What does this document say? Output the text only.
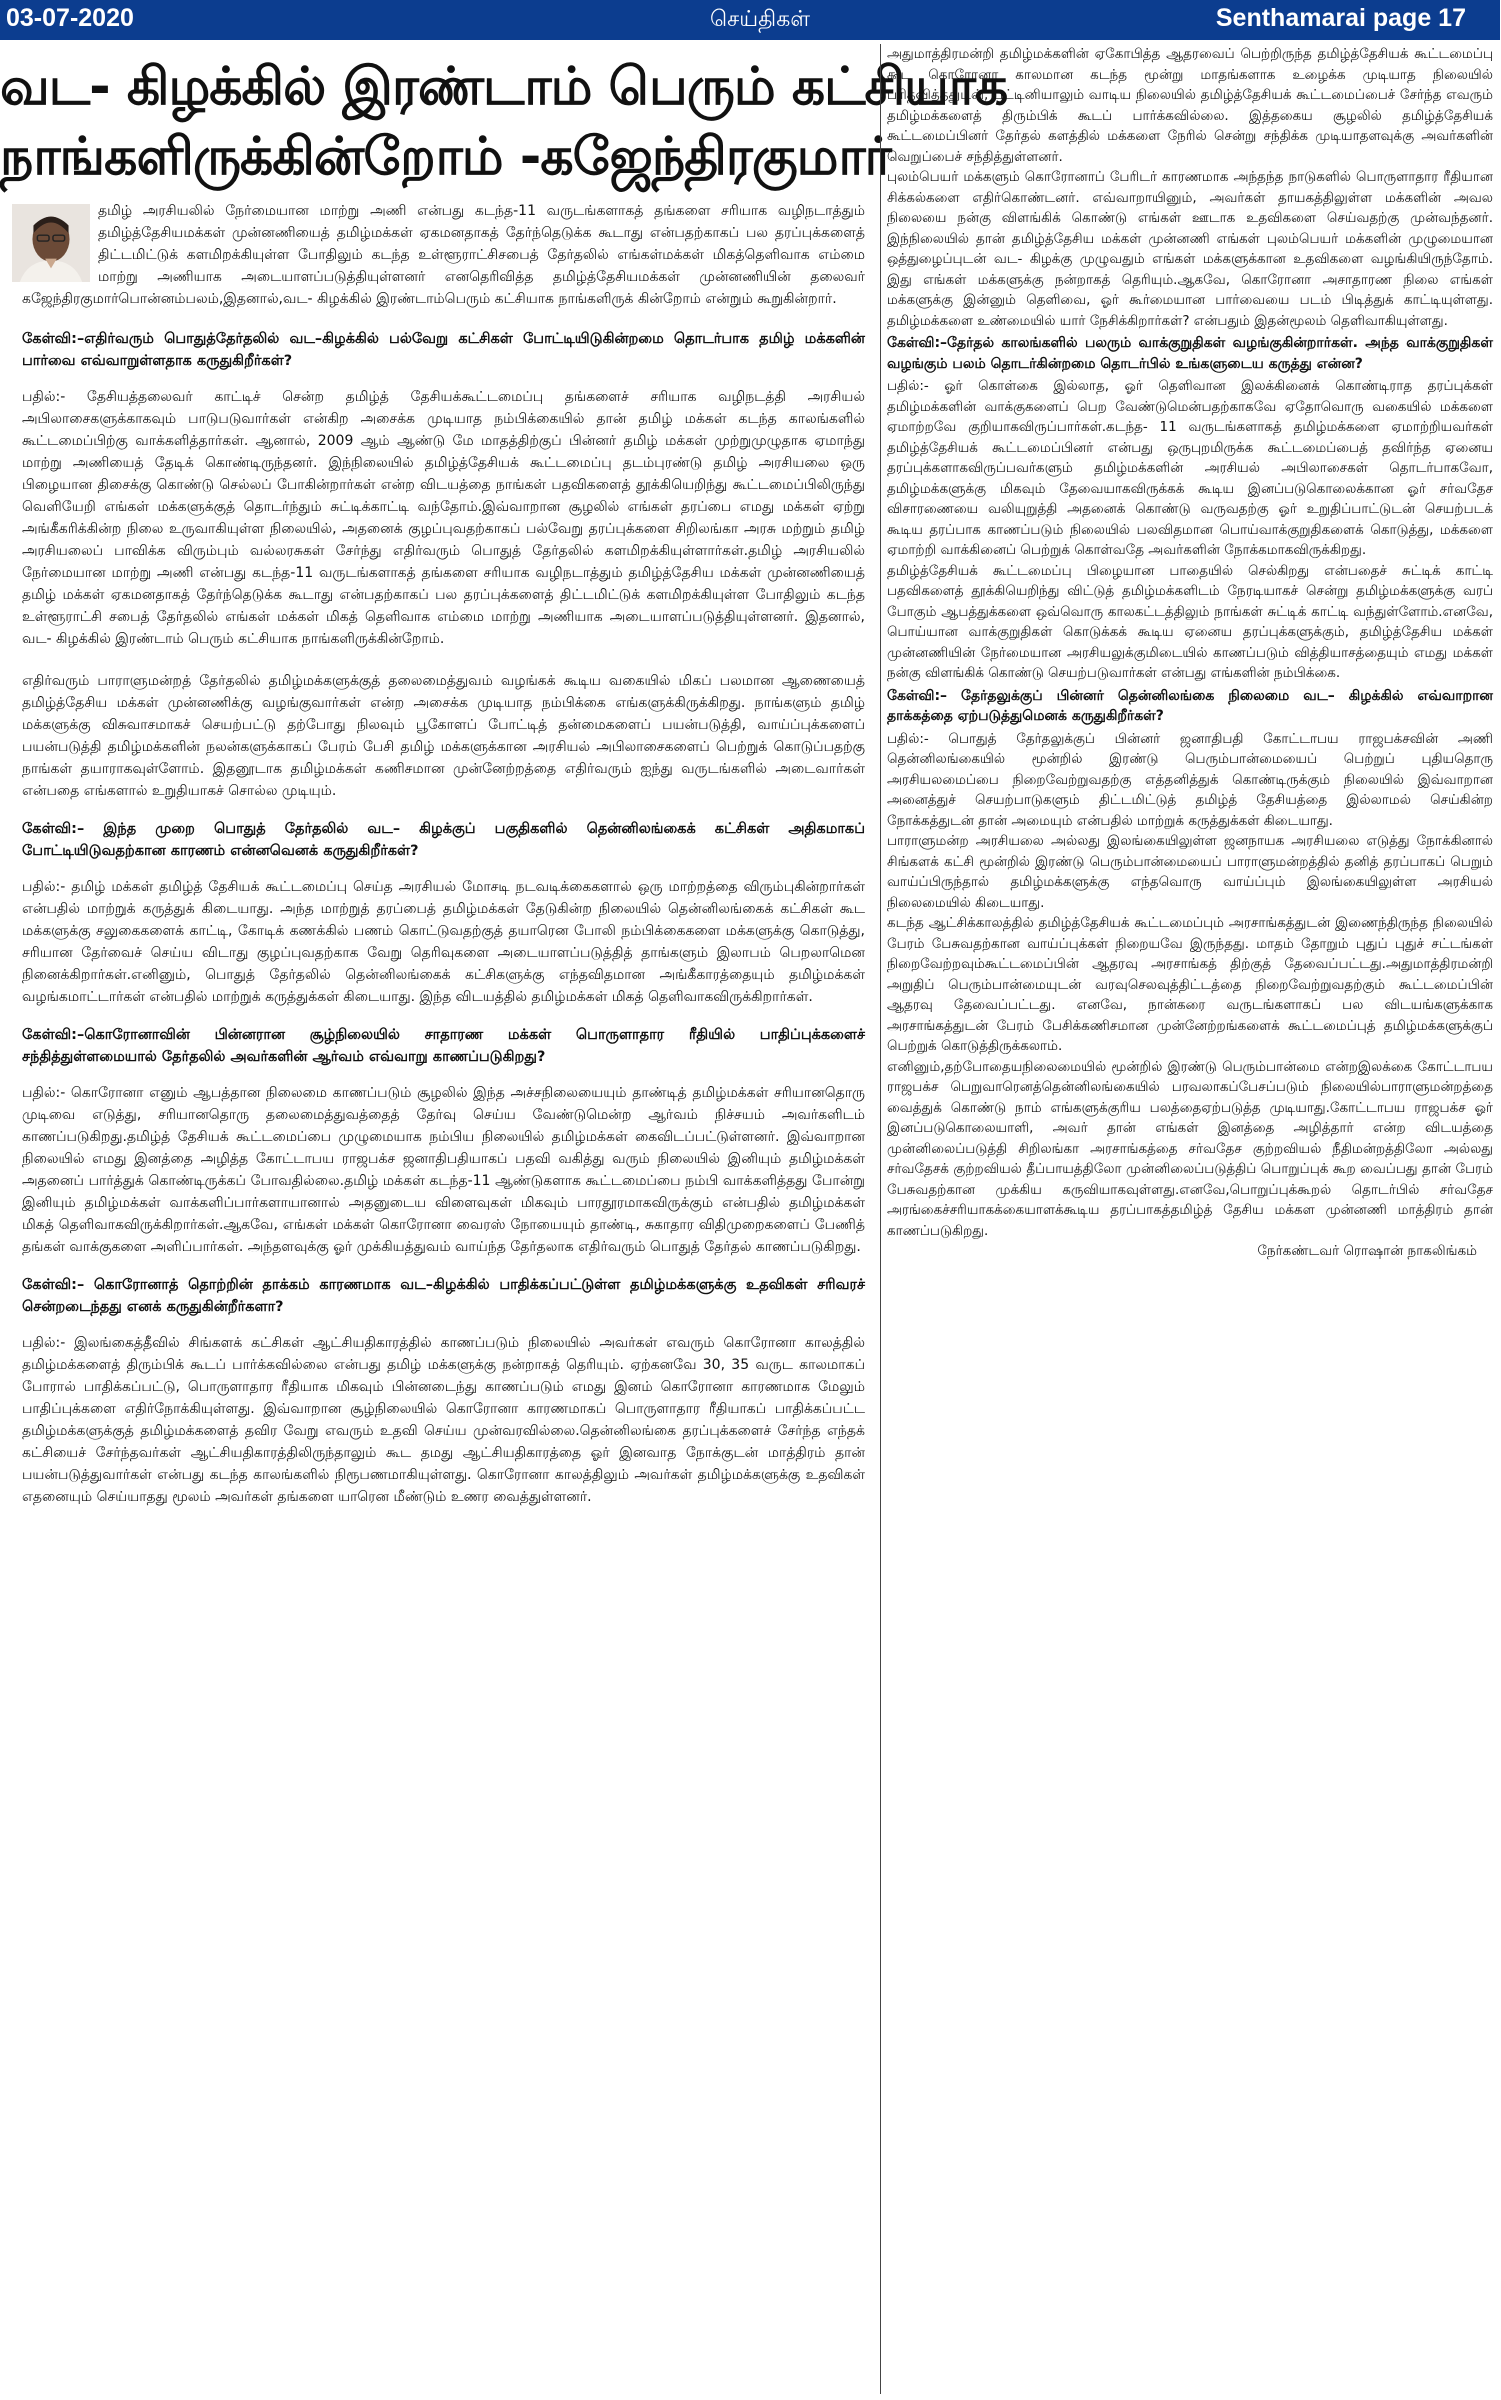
03-07-2020	செய்திகள்	Senthamarai page 17
வட- கிழக்கில் இரண்டாம் பெரும் கட்சியாக
நாங்களிருக்கின்றோம் -கஜேந்திரகுமார்

தமிழ் அரசியலில் நேர்மையான மாற்று அணி என்பது கடந்த-11 வருடங்களாகத் தங்களை சரியாக வழிநடாத்தும் தமிழ்த்தேசியமக்கள் முன்னணியைத் தமிழ்மக்கள் ஏகமனதாகத் தேர்ந்தெடுக்க கூடாது என்பதற்காகப் பல தரப்புக்களைத் திட்டமிட்டுக் களமிறக்கியுள்ள போதிலும் கடந்த உள்ளூராட்சிசபைத் தேர்தலில் எங்கள்மக்கள் மிகத்தெளிவாக எம்மை மாற்று அணியாக அடையாளப்படுத்தியுள்ளனர் எனதெரிவித்த தமிழ்த்தேசியமக்கள் முன்னணியின் தலைவர் கஜேந்திரகுமார்பொன்னம்பலம்,இதனால்,வட- கிழக்கில் இரண்டாம்பெரும் கட்சியாக நாங்களிருக் கின்றோம் என்றும் கூறுகின்றார்.

கேள்வி:–எதிர்வரும் பொதுத்தேர்தலில் வட–கிழக்கில் பல்வேறு கட்சிகள் போட்டியிடுகின்றமை தொடர்பாக தமிழ் மக்களின் பார்வை எவ்வாறுள்ளதாக கருதுகிறீர்கள்?

பதில்:- தேசியத்தலைவர் காட்டிச் சென்ற தமிழ்த் தேசியக்கூட்டமைப்பு தங்களைச் சரியாக வழிநடத்தி அரசியல் அபிலாசைகளுக்காகவும் பாடுபடுவார்கள் என்கிற அசைக்க முடியாத நம்பிக்கையில் தான் தமிழ் மக்கள் கடந்த காலங்களில் கூட்டமைப்பிற்கு வாக்களித்தார்கள். ஆனால், 2009 ஆம் ஆண்டு மே மாதத்திற்குப் பின்னர் தமிழ் மக்கள் முற்றுமுழுதாக ஏமாந்து மாற்று அணியைத் தேடிக் கொண்டிருந்தனர். இந்நிலையில் தமிழ்த்தேசியக் கூட்டமைப்பு தடம்புரண்டு தமிழ் அரசியலை ஒரு பிழையான திசைக்கு கொண்டு செல்லப் போகின்றார்கள் என்ற விடயத்தை நாங்கள் பதவிகளைத் தூக்கியெறிந்து கூட்டமைப்பிலிருந்து வெளியேறி எங்கள் மக்களுக்குத் தொடர்ந்தும் சுட்டிக்காட்டி வந்தோம்.இவ்வாறான சூழலில் எங்கள் தரப்பை எமது மக்கள் ஏற்று அங்கீகரிக்கின்ற நிலை உருவாகியுள்ள நிலையில், அதனைக் குழப்புவதற்காகப் பல்வேறு தரப்புக்களை சிறிலங்கா அரசு மற்றும் தமிழ் அரசியலைப் பாவிக்க விரும்பும் வல்லரசுகள் சேர்ந்து எதிர்வரும் பொதுத் தேர்தலில் களமிறக்கியுள்ளார்கள்.தமிழ் அரசியலில் நேர்மையான மாற்று அணி என்பது கடந்த-11 வருடங்களாகத் தங்களை சரியாக வழிநடாத்தும் தமிழ்த்தேசிய மக்கள் முன்னணியைத் தமிழ் மக்கள் ஏகமனதாகத் தேர்ந்தெடுக்க கூடாது என்பதற்காகப் பல தரப்புக்களைத் திட்டமிட்டுக் களமிறக்கியுள்ள போதிலும் கடந்த உள்ளூராட்சி சபைத் தேர்தலில் எங்கள் மக்கள் மிகத் தெளிவாக எம்மை மாற்று அணியாக அடையாளப்படுத்தியுள்ளனர். இதனால், வட- கிழக்கில் இரண்டாம் பெரும் கட்சியாக நாங்களிருக்கின்றோம்.

எதிர்வரும் பாராளுமன்றத் தேர்தலில் தமிழ்மக்களுக்குத் தலைமைத்துவம் வழங்கக் கூடிய வகையில் மிகப் பலமான ஆணையைத் தமிழ்த்தேசிய மக்கள் முன்னணிக்கு வழங்குவார்கள் என்ற அசைக்க முடியாத நம்பிக்கை எங்களுக்கிருக்கிறது. நாங்களும் தமிழ் மக்களுக்கு விசுவாசமாகச் செயற்பட்டு தற்போது நிலவும் பூகோளப் போட்டித் தன்மைகளைப் பயன்படுத்தி, வாய்ப்புக்களைப் பயன்படுத்தி தமிழ்மக்களின் நலன்களுக்காகப் பேரம் பேசி தமிழ் மக்களுக்கான அரசியல் அபிலாசைகளைப் பெற்றுக் கொடுப்பதற்கு நாங்கள் தயாராகவுள்ளோம். இதனூடாக தமிழ்மக்கள் கணிசமான முன்னேற்றத்தை எதிர்வரும் ஐந்து வருடங்களில் அடைவார்கள் என்பதை எங்களால் உறுதியாகச் சொல்ல முடியும்.

கேள்வி:– இந்த முறை பொதுத் தேர்தலில் வட– கிழக்குப் பகுதிகளில் தென்னிலங்கைக் கட்சிகள் அதிகமாகப் போட்டியிடுவதற்கான காரணம் என்னவெனக் கருதுகிறீர்கள்?

பதில்:- தமிழ் மக்கள் தமிழ்த் தேசியக் கூட்டமைப்பு செய்த அரசியல் மோசடி நடவடிக்கைகளால் ஒரு மாற்றத்தை விரும்புகின்றார்கள் என்பதில் மாற்றுக் கருத்துக் கிடையாது. அந்த மாற்றுத் தரப்பைத் தமிழ்மக்கள் தேடுகின்ற நிலையில் தென்னிலங்கைக் கட்சிகள் கூட மக்களுக்கு சலுகைகளைக் காட்டி, கோடிக் கணக்கில் பணம் கொட்டுவதற்குத் தயாரென போலி நம்பிக்கைகளை மக்களுக்கு கொடுத்து, சரியான தேர்வைச் செய்ய விடாது குழப்புவதற்காக வேறு தெரிவுகளை அடையாளப்படுத்தித் தாங்களும் இலாபம் பெறலாமென நினைக்கிறார்கள்.எனினும், பொதுத் தேர்தலில் தென்னிலங்கைக் கட்சிகளுக்கு எந்தவிதமான அங்கீகாரத்தையும் தமிழ்மக்கள் வழங்கமாட்டார்கள் என்பதில் மாற்றுக் கருத்துக்கள் கிடையாது. இந்த விடயத்தில் தமிழ்மக்கள் மிகத் தெளிவாகவிருக்கிறார்கள்.

கேள்வி:–கொரோனாவின் பின்னரான சூழ்நிலையில் சாதாரண மக்கள் பொருளாதார ரீதியில் பாதிப்புக்களைச் சந்தித்துள்ளமையால் தேர்தலில் அவர்களின் ஆர்வம் எவ்வாறு காணப்படுகிறது?

பதில்:- கொரோனா எனும் ஆபத்தான நிலைமை காணப்படும் சூழலில் இந்த அச்சநிலையையும் தாண்டித் தமிழ்மக்கள் சரியானதொரு முடிவை எடுத்து, சரியானதொரு தலைமைத்துவத்தைத் தேர்வு செய்ய வேண்டுமென்ற ஆர்வம் நிச்சயம் அவர்களிடம் காணப்படுகிறது.தமிழ்த் தேசியக் கூட்டமைப்பை முழுமையாக நம்பிய நிலையில் தமிழ்மக்கள் கைவிடப்பட்டுள்ளனர். இவ்வாறான நிலையில் எமது இனத்தை அழித்த கோட்டாபய ராஜபக்ச ஜனாதிபதியாகப் பதவி வகித்து வரும் நிலையில் இனியும் தமிழ்மக்கள் அதனைப் பார்த்துக் கொண்டிருக்கப் போவதில்லை.தமிழ் மக்கள் கடந்த-11 ஆண்டுகளாக கூட்டமைப்பை நம்பி வாக்களித்தது போன்று இனியும் தமிழ்மக்கள் வாக்களிப்பார்களாயானால் அதனுடைய விளைவுகள் மிகவும் பாரதூரமாகவிருக்கும் என்பதில் தமிழ்மக்கள் மிகத் தெளிவாகவிருக்கிறார்கள்.ஆகவே, எங்கள் மக்கள் கொரோனா வைரஸ் நோயையும் தாண்டி, சுகாதார விதிமுறைகளைப் பேணித் தங்கள் வாக்குகளை அளிப்பார்கள். அந்தளவுக்கு ஓர் முக்கியத்துவம் வாய்ந்த தேர்தலாக எதிர்வரும் பொதுத் தேர்தல் காணப்படுகிறது.

கேள்வி:– கொரோனாத் தொற்றின் தாக்கம் காரணமாக வட–கிழக்கில் பாதிக்கப்பட்டுள்ள தமிழ்மக்களுக்கு உதவிகள் சரிவரச் சென்றடைந்தது எனக் கருதுகின்றீர்களா?

பதில்:- இலங்கைத்தீவில் சிங்களக் கட்சிகள் ஆட்சியதிகாரத்தில் காணப்படும் நிலையில் அவர்கள் எவரும் கொரோனா காலத்தில் தமிழ்மக்களைத் திரும்பிக் கூடப் பார்க்கவில்லை என்பது தமிழ் மக்களுக்கு நன்றாகத் தெரியும். ஏற்கனவே 30, 35 வருட காலமாகப் போரால் பாதிக்கப்பட்டு, பொருளாதார ரீதியாக மிகவும் பின்னடைந்து காணப்படும் எமது இனம் கொரோனா காரணமாக மேலும் பாதிப்புக்களை எதிர்நோக்கியுள்ளது. இவ்வாறான சூழ்நிலையில் கொரோனா காரணமாகப் பொருளாதார ரீதியாகப் பாதிக்கப்பட்ட தமிழ்மக்களுக்குத் தமிழ்மக்களைத் தவிர வேறு எவரும் உதவி செய்ய முன்வரவில்லை.தென்னிலங்கை தரப்புக்களைச் சேர்ந்த எந்தக் கட்சியைச் சேர்ந்தவர்கள் ஆட்சியதிகாரத்திலிருந்தாலும் கூட தமது ஆட்சியதிகாரத்தை ஓர் இனவாத நோக்குடன் மாத்திரம் தான் பயன்படுத்துவார்கள் என்பது கடந்த காலங்களில் நிரூபணமாகியுள்ளது. கொரோனா காலத்திலும் அவர்கள் தமிழ்மக்களுக்கு உதவிகள் எதனையும் செய்யாதது மூலம் அவர்கள் தங்களை யாரென மீண்டும் உணர வைத்துள்ளனர்.

அதுமாத்திரமன்றி தமிழ்மக்களின் ஏகோபித்த ஆதரவைப் பெற்றிருந்த தமிழ்த்தேசியக் கூட்டமைப்பு கூட கொரோனா காலமான கடந்த மூன்று மாதங்களாக உழைக்க முடியாத நிலையில் பரிதவித்ததுடன், பட்டினியாலும் வாடிய நிலையில் தமிழ்த்தேசியக் கூட்டமைப்பைச் சேர்ந்த எவரும் தமிழ்மக்களைத் திரும்பிக் கூடப் பார்க்கவில்லை. இத்தகைய சூழலில் தமிழ்த்தேசியக் கூட்டமைப்பினர் தேர்தல் களத்தில் மக்களை நேரில் சென்று சந்திக்க முடியாதளவுக்கு அவர்களின் வெறுப்பைச் சந்தித்துள்ளனர்.

புலம்பெயர் மக்களும் கொரோனாப் பேரிடர் காரணமாக அந்தந்த நாடுகளில் பொருளாதார ரீதியான சிக்கல்களை எதிர்கொண்டனர். எவ்வாறாயினும், அவர்கள் தாயகத்திலுள்ள மக்களின் அவல நிலையை நன்கு விளங்கிக் கொண்டு எங்கள் ஊடாக உதவிகளை செய்வதற்கு முன்வந்தனர். இந்நிலையில் தான் தமிழ்த்தேசிய மக்கள் முன்னணி எங்கள் புலம்பெயர் மக்களின் முழுமையான ஒத்துழைப்புடன் வட- கிழக்கு முழுவதும் எங்கள் மக்களுக்கான உதவிகளை வழங்கியிருந்தோம். இது எங்கள் மக்களுக்கு நன்றாகத் தெரியும்.ஆகவே, கொரோனா அசாதாரண நிலை எங்கள் மக்களுக்கு இன்னும் தெளிவை, ஓர் கூர்மையான பார்வையை படம் பிடித்துக் காட்டியுள்ளது. தமிழ்மக்களை உண்மையில் யார் நேசிக்கிறார்கள்? என்பதும் இதன்மூலம் தெளிவாகியுள்ளது.

கேள்வி:–தேர்தல் காலங்களில் பலரும் வாக்குறுதிகள் வழங்குகின்றார்கள். அந்த வாக்குறுதிகள் வழங்கும் பலம் தொடர்கின்றமை தொடர்பில் உங்களுடைய கருத்து என்ன?

பதில்:- ஓர் கொள்கை இல்லாத, ஓர் தெளிவான இலக்கினைக் கொண்டிராத தரப்புக்கள் தமிழ்மக்களின் வாக்குகளைப் பெற வேண்டுமென்பதற்காகவே ஏதோவொரு வகையில் மக்களை ஏமாற்றவே குறியாகவிருப்பார்கள்.கடந்த- 11 வருடங்களாகத் தமிழ்மக்களை ஏமாற்றியவர்கள் தமிழ்த்தேசியக் கூட்டமைப்பினர் என்பது ஒருபுறமிருக்க கூட்டமைப்பைத் தவிர்ந்த ஏனைய தரப்புக்களாகவிருப்பவர்களும் தமிழ்மக்களின் அரசியல் அபிலாசைகள் தொடர்பாகவோ, தமிழ்மக்களுக்கு மிகவும் தேவையாகவிருக்கக் கூடிய இனப்படுகொலைக்கான ஓர் சர்வதேச விசாரணையை வலியுறுத்தி அதனைக் கொண்டு வருவதற்கு ஓர் உறுதிப்பாட்டுடன் செயற்படக் கூடிய தரப்பாக காணப்படும் நிலையில் பலவிதமான பொய்வாக்குறுதிகளைக் கொடுத்து, மக்களை ஏமாற்றி வாக்கினைப் பெற்றுக் கொள்வதே அவர்களின் நோக்கமாகவிருக்கிறது.

தமிழ்த்தேசியக் கூட்டமைப்பு பிழையான பாதையில் செல்கிறது என்பதைச் சுட்டிக் காட்டி பதவிகளைத் தூக்கியெறிந்து விட்டுத் தமிழ்மக்களிடம் நேரடியாகச் சென்று தமிழ்மக்களுக்கு வரப் போகும் ஆபத்துக்களை ஒவ்வொரு காலகட்டத்திலும் நாங்கள் சுட்டிக் காட்டி வந்துள்ளோம்.எனவே, பொய்யான வாக்குறுதிகள் கொடுக்கக் கூடிய ஏனைய தரப்புக்களுக்கும், தமிழ்த்தேசிய மக்கள் முன்னணியின் நேர்மையான அரசியலுக்குமிடையில் காணப்படும் வித்தியாசத்தையும் எமது மக்கள் நன்கு விளங்கிக் கொண்டு செயற்படுவார்கள் என்பது எங்களின் நம்பிக்கை.

கேள்வி:– தேர்தலுக்குப் பின்னர் தென்னிலங்கை நிலைமை வட– கிழக்கில் எவ்வாறான தாக்கத்தை ஏற்படுத்துமெனக் கருதுகிறீர்கள்?

பதில்:- பொதுத் தேர்தலுக்குப் பின்னர் ஜனாதிபதி கோட்டாபய ராஜபக்சவின் அணி தென்னிலங்கையில் மூன்றில் இரண்டு பெரும்பான்மையைப் பெற்றுப் புதியதொரு அரசியலமைப்பை நிறைவேற்றுவதற்கு எத்தனித்துக் கொண்டிருக்கும் நிலையில் இவ்வாறான அனைத்துச் செயற்பாடுகளும் திட்டமிட்டுத் தமிழ்த் தேசியத்தை இல்லாமல் செய்கின்ற நோக்கத்துடன் தான் அமையும் என்பதில் மாற்றுக் கருத்துக்கள் கிடையாது.

பாராளுமன்ற அரசியலை அல்லது இலங்கையிலுள்ள ஜனநாயக அரசியலை எடுத்து நோக்கினால் சிங்களக் கட்சி மூன்றில் இரண்டு பெரும்பான்மையைப் பாராளுமன்றத்தில் தனித் தரப்பாகப் பெறும் வாய்ப்பிருந்தால் தமிழ்மக்களுக்கு எந்தவொரு வாய்ப்பும் இலங்கையிலுள்ள அரசியல் நிலைமையில் கிடையாது.

கடந்த ஆட்சிக்காலத்தில் தமிழ்த்தேசியக் கூட்டமைப்பும் அரசாங்கத்துடன் இணைந்திருந்த நிலையில் பேரம் பேசுவதற்கான வாய்ப்புக்கள் நிறையவே இருந்தது. மாதம் தோறும் புதுப் புதுச் சட்டங்கள் நிறைவேற்றவும்கூட்டமைப்பின் ஆதரவு அரசாங்கத் திற்குத் தேவைப்பட்டது.அதுமாத்திரமன்றி அறுதிப் பெரும்பான்மையுடன் வரவுசெலவுத்திட்டத்தை நிறைவேற்றுவதற்கும் கூட்டமைப்பின் ஆதரவு தேவைப்பட்டது. எனவே, நான்கரை வருடங்களாகப் பல விடயங்களுக்காக அரசாங்கத்துடன் பேரம் பேசிக்கணிசமான முன்னேற்றங்களைக் கூட்டமைப்புத் தமிழ்மக்களுக்குப் பெற்றுக் கொடுத்திருக்கலாம்.

எனினும்,தற்போதையநிலைமையில் மூன்றில் இரண்டு பெரும்பான்மை என்றஇலக்கை கோட்டாபய ராஜபக்ச பெறுவாரெனத்தென்னிலங்கையில் பரவலாகப்பேசப்படும் நிலையில்பாராளுமன்றத்தை வைத்துக் கொண்டு நாம் எங்களுக்குரிய பலத்தைஏற்படுத்த முடியாது.கோட்டாபய ராஜபக்ச ஓர் இனப்படுகொலையாளி, அவர் தான் எங்கள் இனத்தை அழித்தார் என்ற விடயத்தை முன்னிலைப்படுத்தி சிறிலங்கா அரசாங்கத்தை சர்வதேச குற்றவியல் நீதிமன்றத்திலோ அல்லது சர்வதேசக் குற்றவியல் தீப்பாயத்திலோ முன்னிலைப்படுத்திப் பொறுப்புக் கூற வைப்பது தான் பேரம் பேசுவதற்கான முக்கிய கருவியாகவுள்ளது.எனவே,பொறுப்புக்கூறல் தொடர்பில் சர்வதேச அரங்கைச்சரியாகக்கையாளக்கூடிய தரப்பாகத்தமிழ்த் தேசிய மக்கள முன்னணி மாத்திரம் தான் காணப்படுகிறது.

நேர்கண்டவர் ரொஷான் நாகலிங்கம்
